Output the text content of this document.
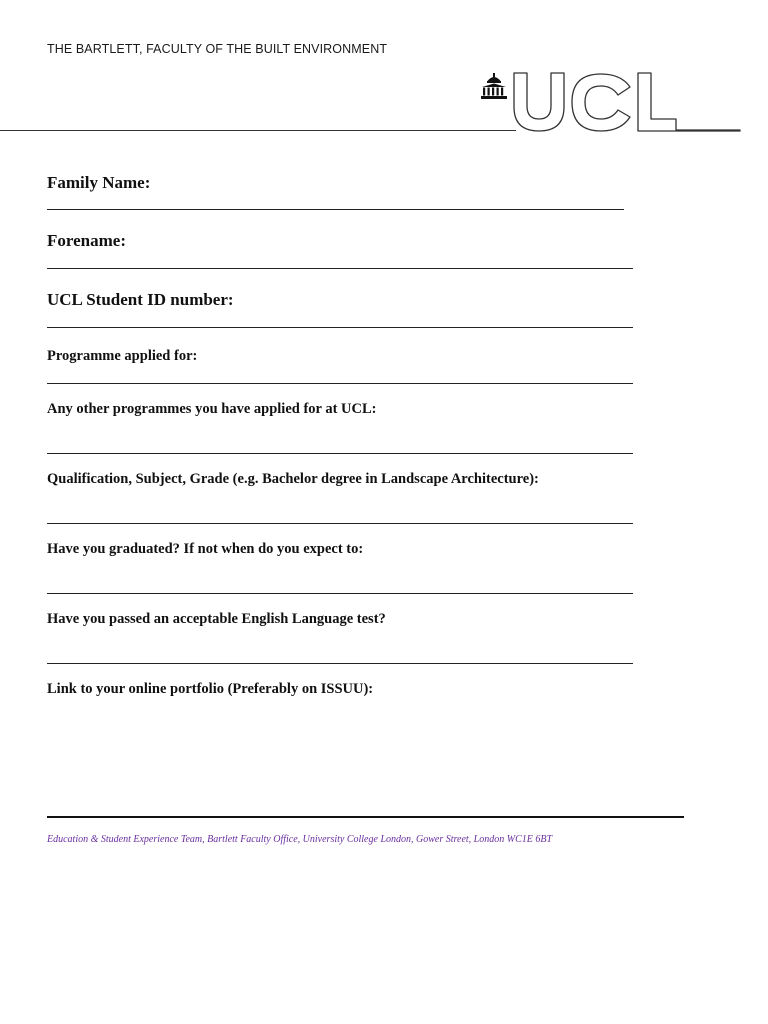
THE BARTLETT, FACULTY OF THE BUILT ENVIRONMENT
Family Name:
Forename:
UCL Student ID number:
Programme applied for:
Any other programmes you have applied for at UCL:
Qualification, Subject, Grade (e.g. Bachelor degree in Landscape Architecture):
Have you graduated? If not when do you expect to:
Have you passed an acceptable English Language test?
Link to your online portfolio (Preferably on ISSUU):
Education & Student Experience Team, Bartlett Faculty Office, University College London, Gower Street, London WC1E 6BT
